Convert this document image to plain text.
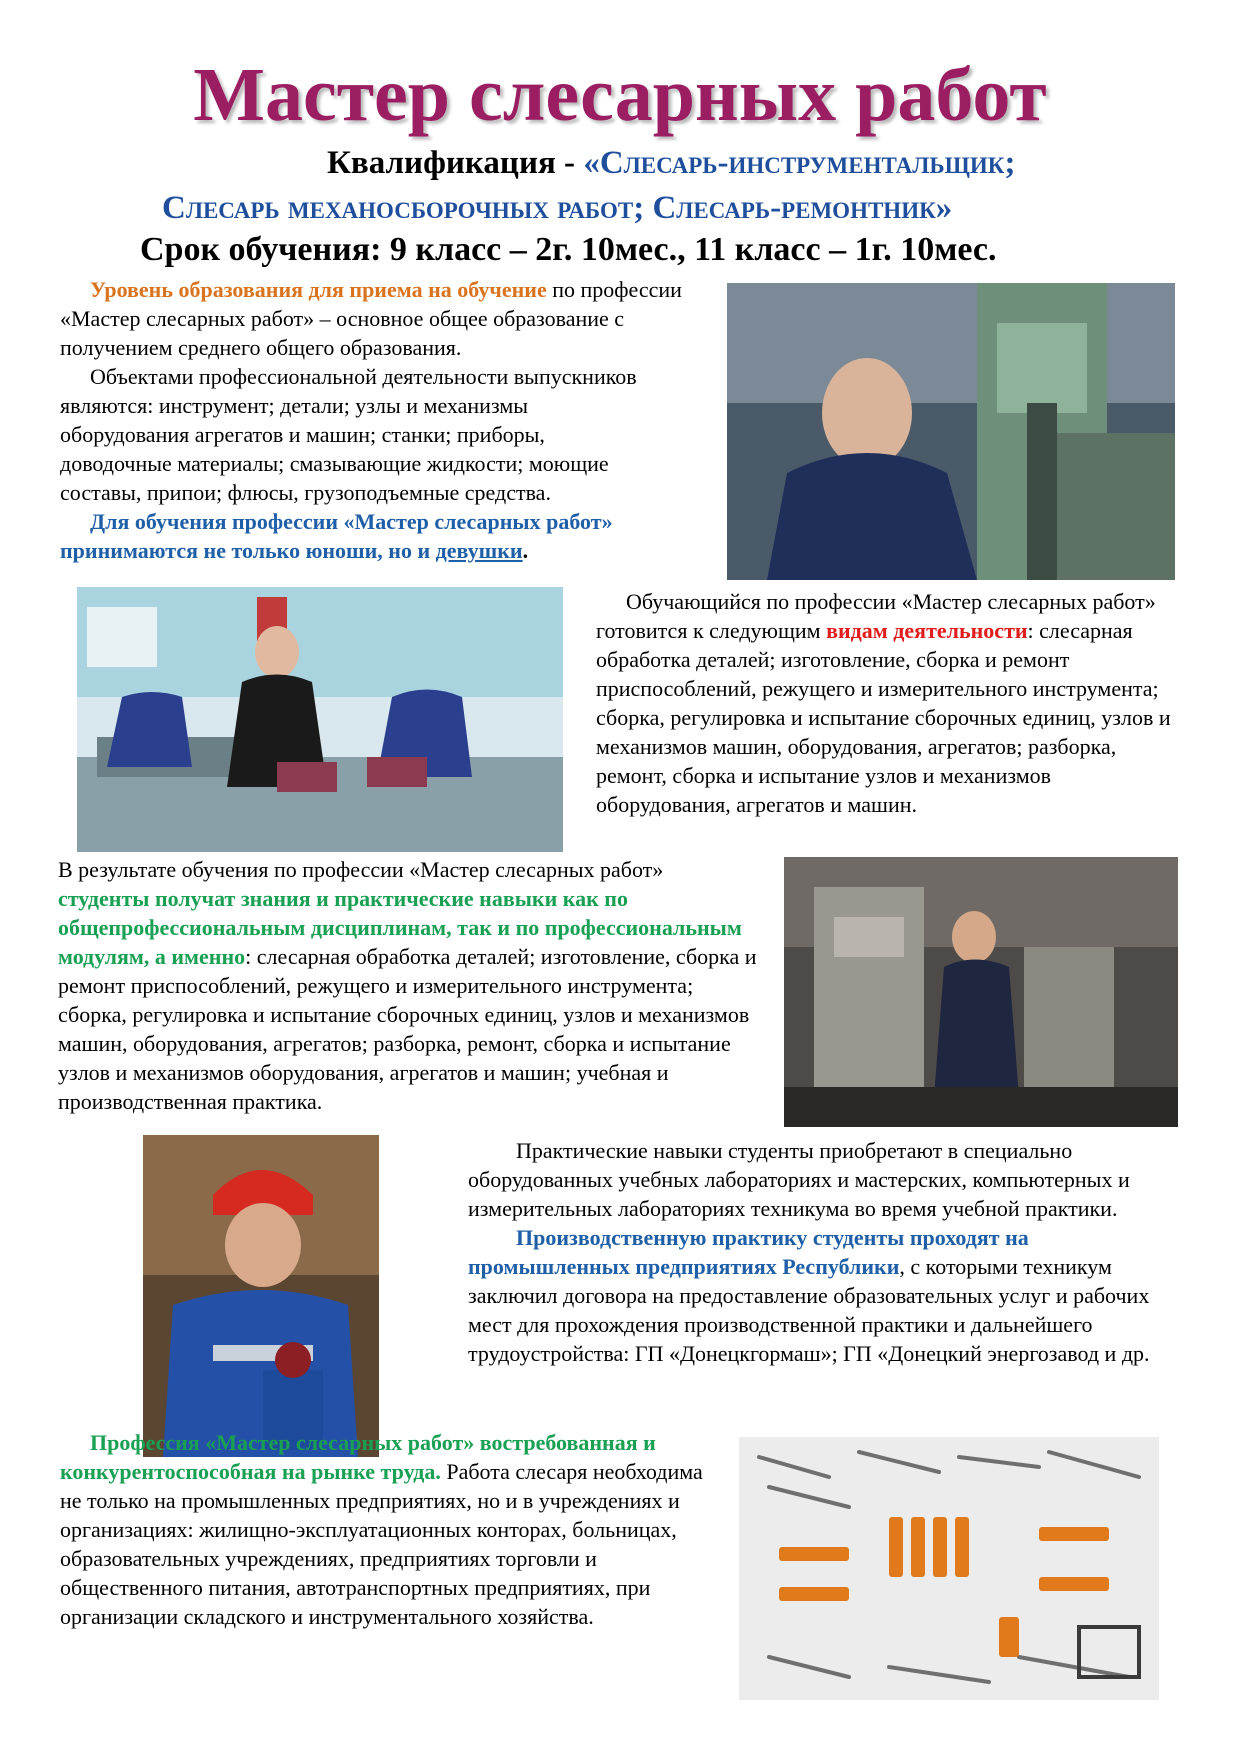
Мастер слесарных работ
Квалификация - «Слесарь-инструментальщик;
Слесарь механосборочных работ; Слесарь-ремонтник»
Срок обучения: 9 класс – 2г. 10мес., 11 класс – 1г. 10мес.

Уровень образования для приема на обучение по профессии «Мастер слесарных работ» – основное общее образование с получением среднего общего образования.

Объектами профессиональной деятельности выпускников являются: инструмент; детали; узлы и механизмы оборудования агрегатов и машин; станки; приборы, доводочные материалы; смазывающие жидкости; моющие составы, припои; флюсы, грузоподъемные средства.

Для обучения профессии «Мастер слесарных работ» принимаются не только юноши, но и девушки.

Обучающийся по профессии «Мастер слесарных работ» готовится к следующим видам деятельности: слесарная обработка деталей; изготовление, сборка и ремонт приспособлений, режущего и измерительного инструмента; сборка, регулировка и испытание сборочных единиц, узлов и механизмов машин, оборудования, агрегатов; разборка, ремонт, сборка и испытание узлов и механизмов оборудования, агрегатов и машин.

В результате обучения по профессии «Мастер слесарных работ» студенты получат знания и практические навыки как по общепрофессиональным дисциплинам, так и по профессиональным модулям, а именно: слесарная обработка деталей; изготовление, сборка и ремонт приспособлений, режущего и измерительного инструмента; сборка, регулировка и испытание сборочных единиц, узлов и механизмов машин, оборудования, агрегатов; разборка, ремонт, сборка и испытание узлов и механизмов оборудования, агрегатов и машин; учебная и производственная практика.

Практические навыки студенты приобретают в специально оборудованных учебных лабораториях и мастерских, компьютерных и измерительных лабораториях техникума во время учебной практики.

Производственную практику студенты проходят на промышленных предприятиях Республики, с которыми техникум заключил договора на предоставление образовательных услуг и рабочих мест для прохождения производственной практики и дальнейшего трудоустройства: ГП «Донецкгормаш»; ГП «Донецкий энергозавод и др.

Профессия «Мастер слесарных работ» востребованная и конкурентоспособная на рынке труда. Работа слесаря необходима не только на промышленных предприятиях, но и в учреждениях и организациях: жилищно-эксплуатационных конторах, больницах, образовательных учреждениях, предприятиях торговли и общественного питания, автотранспортных предприятиях, при организации складского и инструментального хозяйства.
